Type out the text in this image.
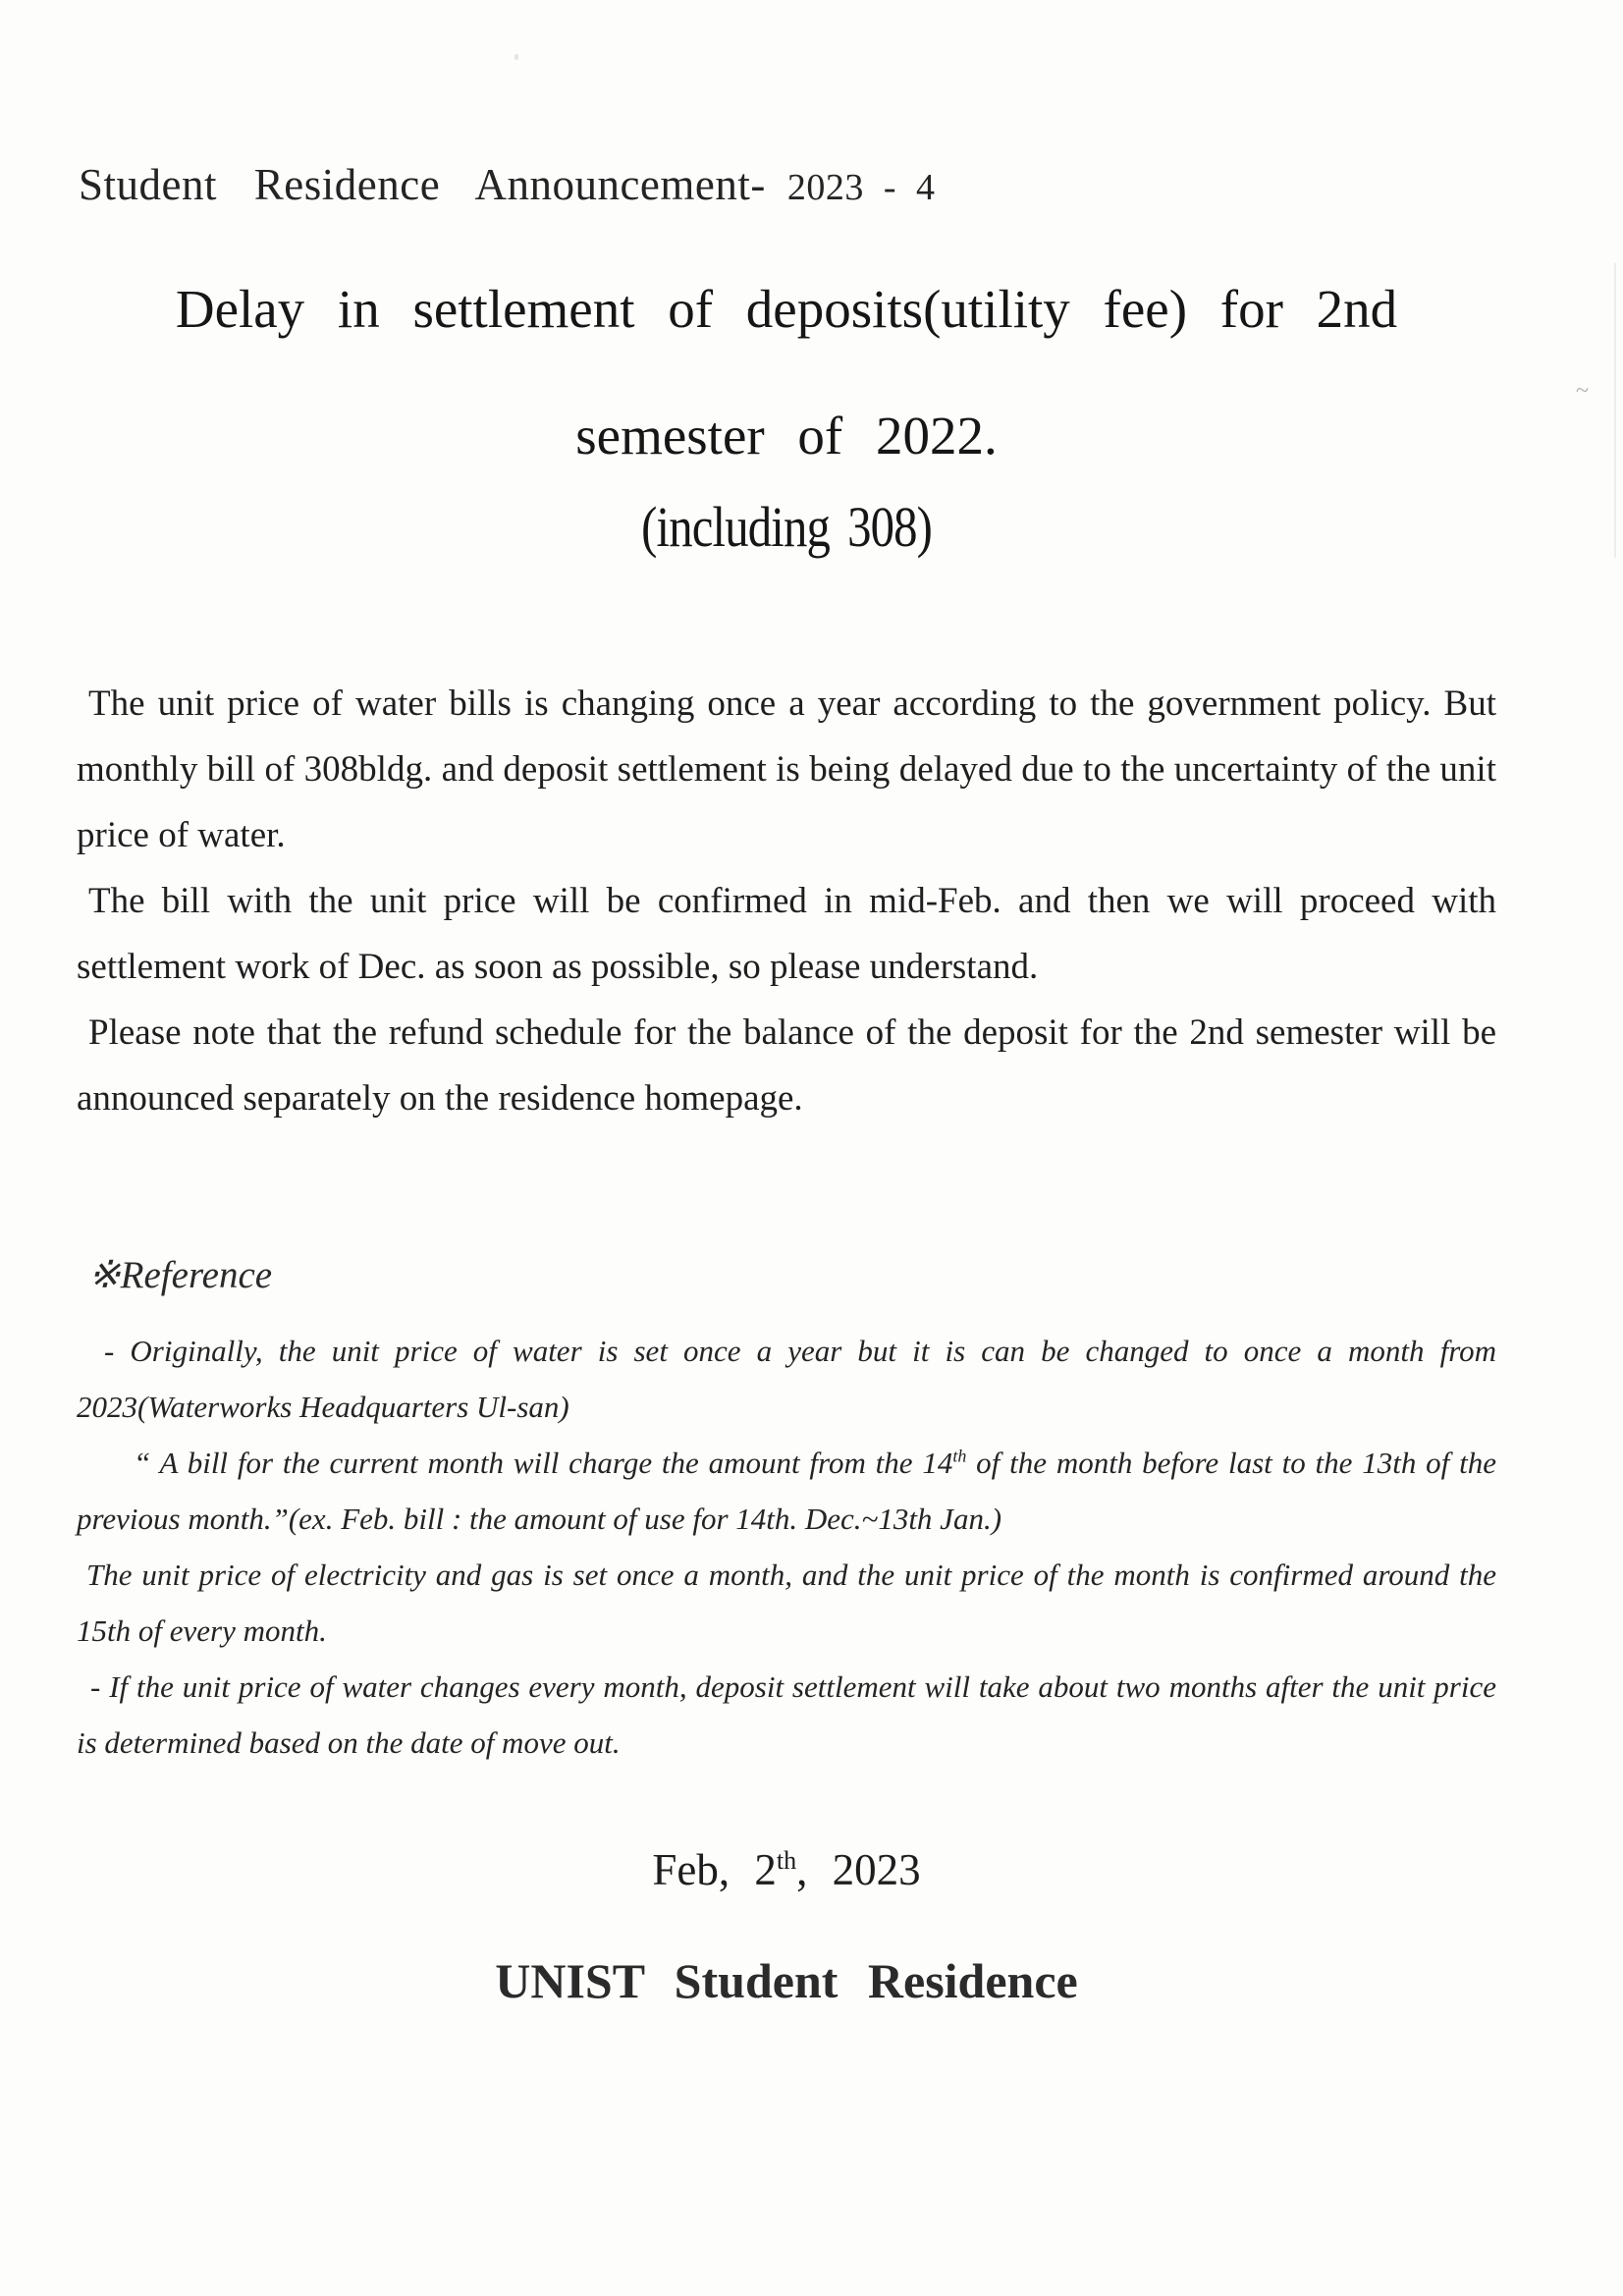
~
Student Residence Announcement- 2023 - 4
Delay in settlement of deposits(utility fee) for 2nd
semester of 2022.
(including 308)

The unit price of water bills is changing once a year according to the government policy. But monthly bill of 308bldg. and deposit settlement is being delayed due to the uncertainty of the unit price of water.

The bill with the unit price will be confirmed in mid-Feb. and then we will proceed with settlement work of Dec. as soon as possible, so please understand.

Please note that the refund schedule for the balance of the deposit for the 2nd semester will be announced separately on the residence homepage.

※Reference

- Originally, the unit price of water is set once a year but it is can be changed to once a month from 2023(Waterworks Headquarters Ul-san)

“ A bill for the current month will charge the amount from the 14th of the month before last to the 13th of the previous month.”(ex. Feb. bill : the amount of use for 14th. Dec.~13th Jan.)

The unit price of electricity and gas is set once a month, and the unit price of the month is confirmed around the 15th of every month.

- If the unit price of water changes every month, deposit settlement will take about two months after the unit price is determined based on the date of move out.

Feb, 2th, 2023
UNIST Student Residence
